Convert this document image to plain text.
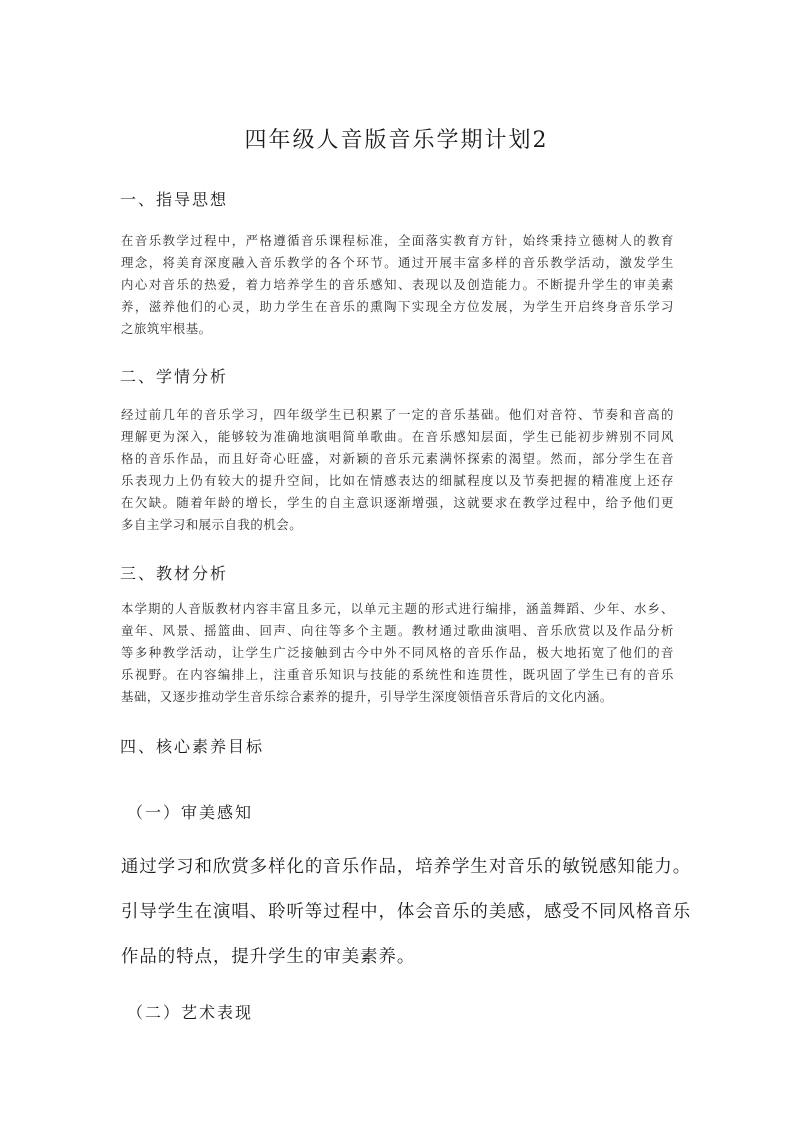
四年级人音版音乐学期计划2
一、指导思想
在音乐教学过程中，严格遵循音乐课程标准，全面落实教育方针，始终秉持立德树人的教育
理念，将美育深度融入音乐教学的各个环节。通过开展丰富多样的音乐教学活动，激发学生
内心对音乐的热爱，着力培养学生的音乐感知、表现以及创造能力。不断提升学生的审美素
养，滋养他们的心灵，助力学生在音乐的熏陶下实现全方位发展，为学生开启终身音乐学习
之旅筑牢根基。
二、学情分析
经过前几年的音乐学习，四年级学生已积累了一定的音乐基础。他们对音符、节奏和音高的
理解更为深入，能够较为准确地演唱简单歌曲。在音乐感知层面，学生已能初步辨别不同风
格的音乐作品，而且好奇心旺盛，对新颖的音乐元素满怀探索的渴望。然而，部分学生在音
乐表现力上仍有较大的提升空间，比如在情感表达的细腻程度以及节奏把握的精准度上还存
在欠缺。随着年龄的增长，学生的自主意识逐渐增强，这就要求在教学过程中，给予他们更
多自主学习和展示自我的机会。
三、教材分析
本学期的人音版教材内容丰富且多元，以单元主题的形式进行编排，涵盖舞蹈、少年、水乡、
童年、风景、摇篮曲、回声、向往等多个主题。教材通过歌曲演唱、音乐欣赏以及作品分析
等多种教学活动，让学生广泛接触到古今中外不同风格的音乐作品，极大地拓宽了他们的音
乐视野。在内容编排上，注重音乐知识与技能的系统性和连贯性，既巩固了学生已有的音乐
基础，又逐步推动学生音乐综合素养的提升，引导学生深度领悟音乐背后的文化内涵。
四、核心素养目标
（一）审美感知
通过学习和欣赏多样化的音乐作品，培养学生对音乐的敏锐感知能力。
引导学生在演唱、聆听等过程中，体会音乐的美感，感受不同风格音乐
作品的特点，提升学生的审美素养。
（二）艺术表现
